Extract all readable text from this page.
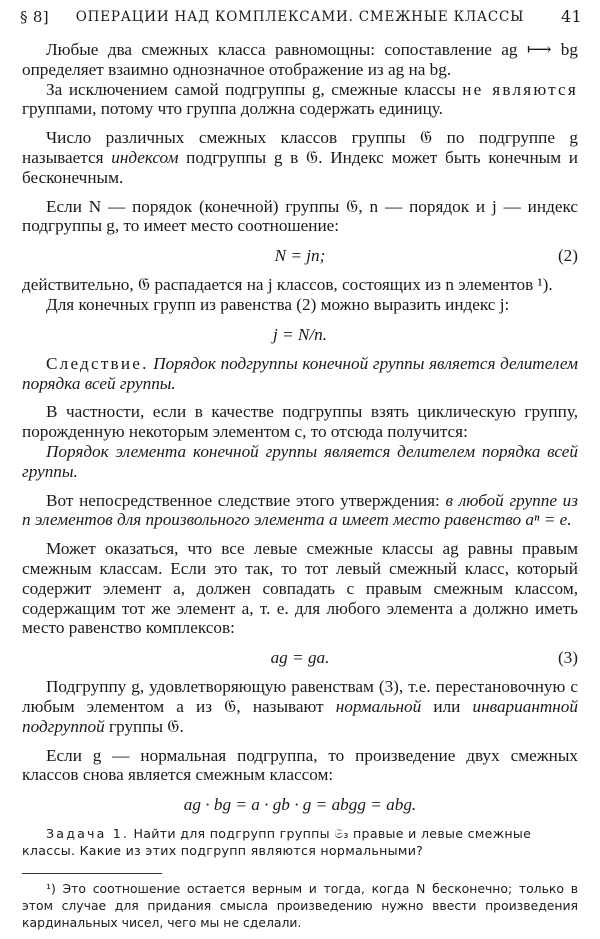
§ 8]	ОПЕРАЦИИ НАД КОМПЛЕКСАМИ. СМЕЖНЫЕ КЛАССЫ	41

Любые два смежных класса равномощны: сопоставление ag ⟼ bg определяет взаимно однозначное отображение из ag на bg.

За исключением самой подгруппы g, смежные классы не являются группами, потому что группа должна содержать единицу.

Число различных смежных классов группы 𝔊 по подгруппе g называется индексом подгруппы g в 𝔊. Индекс может быть конечным и бесконечным.

Если N — порядок (конечной) группы 𝔊, n — порядок и j — индекс подгруппы g, то имеет место соотношение:

N = jn;	(2)

действительно, 𝔊 распадается на j классов, состоящих из n элементов ¹).

Для конечных групп из равенства (2) можно выразить индекс j:

j = N/n.

Следствие. Порядок подгруппы конечной группы является делителем порядка всей группы.

В частности, если в качестве подгруппы взять циклическую группу, порожденную некоторым элементом c, то отсюда получится:

Порядок элемента конечной группы является делителем порядка всей группы.

Вот непосредственное следствие этого утверждения: в любой группе из n элементов для произвольного элемента a имеет место равенство aⁿ = e.

Может оказаться, что все левые смежные классы ag равны правым смежным классам. Если это так, то тот левый смежный класс, который содержит элемент a, должен совпадать с правым смежным классом, содержащим тот же элемент a, т. е. для любого элемента a должно иметь место равенство комплексов:

ag = ga.	(3)

Подгруппу g, удовлетворяющую равенствам (3), т.е. перестановочную с любым элементом a из 𝔊, называют нормальной или инвариантной подгруппой группы 𝔊.

Если g — нормальная подгруппа, то произведение двух смежных классов снова является смежным классом:

ag · bg = a · gb · g = abgg = abg.
Задача 1. Найти для подгрупп группы 𝔖₃ правые и левые смежные классы. Какие из этих подгрупп являются нормальными?
¹) Это соотношение остается верным и тогда, когда N бесконечно; только в этом случае для придания смысла произведению нужно ввести произведения кардинальных чисел, чего мы не сделали.
